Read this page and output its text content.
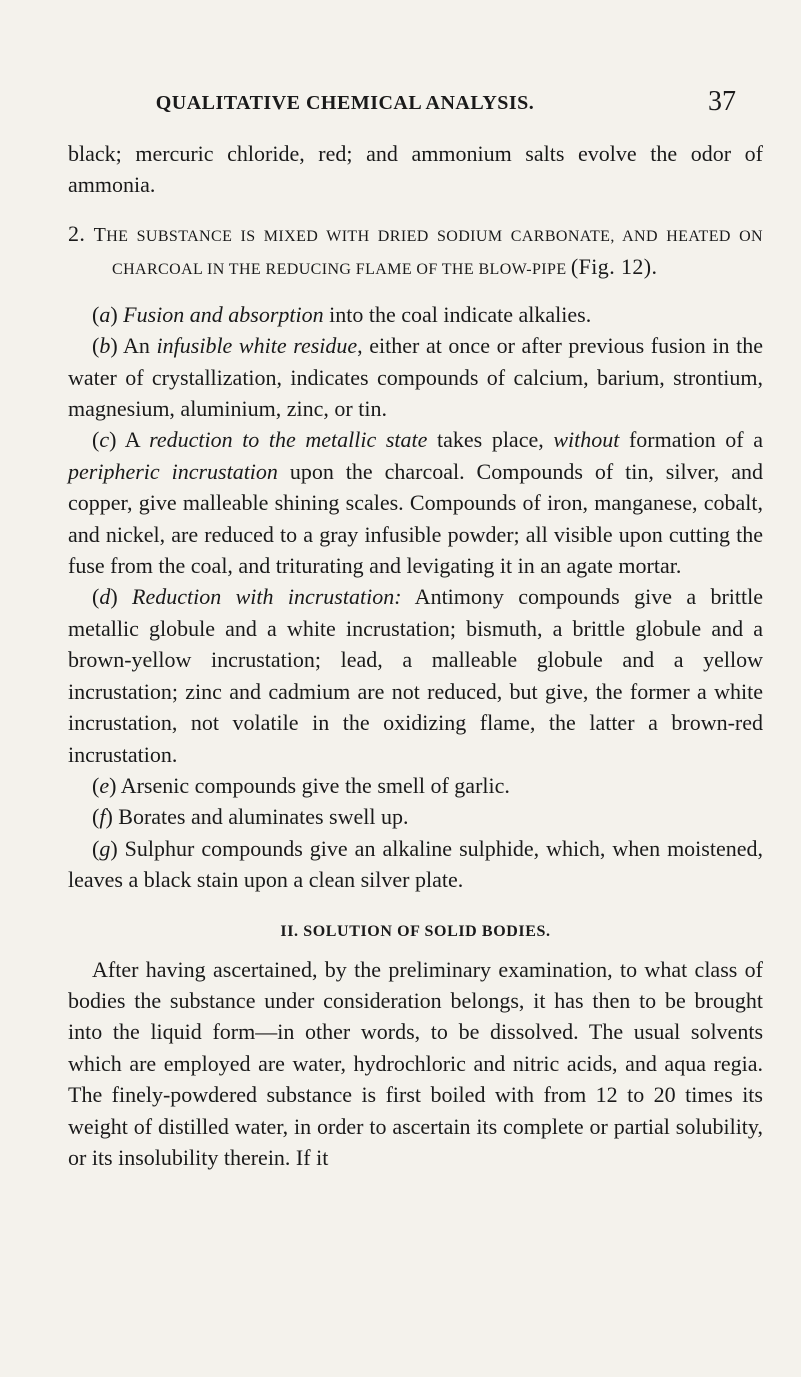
QUALITATIVE CHEMICAL ANALYSIS.	37

black; mercuric chloride, red; and ammonium salts evolve the odor of ammonia.

2. THE SUBSTANCE IS MIXED WITH DRIED SODIUM CARBONATE, AND HEATED ON CHARCOAL IN THE REDUCING FLAME OF THE BLOW-PIPE (Fig. 12).

(a) Fusion and absorption into the coal indicate alkalies.

(b) An infusible white residue, either at once or after previous fusion in the water of crystallization, indicates compounds of calcium, barium, strontium, magnesium, aluminium, zinc, or tin.

(c) A reduction to the metallic state takes place, without formation of a peripheric incrustation upon the charcoal. Compounds of tin, silver, and copper, give malleable shining scales. Compounds of iron, manganese, cobalt, and nickel, are reduced to a gray infusible powder; all visible upon cutting the fuse from the coal, and triturating and levigating it in an agate mortar.

(d) Reduction with incrustation: Antimony compounds give a brittle metallic globule and a white incrustation; bismuth, a brittle globule and a brown-yellow incrustation; lead, a malleable globule and a yellow incrustation; zinc and cadmium are not reduced, but give, the former a white incrustation, not volatile in the oxidizing flame, the latter a brown-red incrustation.

(e) Arsenic compounds give the smell of garlic.

(f) Borates and aluminates swell up.

(g) Sulphur compounds give an alkaline sulphide, which, when moistened, leaves a black stain upon a clean silver plate.

II. SOLUTION OF SOLID BODIES.

After having ascertained, by the preliminary examination, to what class of bodies the substance under consideration belongs, it has then to be brought into the liquid form—in other words, to be dissolved. The usual solvents which are employed are water, hydrochloric and nitric acids, and aqua regia. The finely-powdered substance is first boiled with from 12 to 20 times its weight of distilled water, in order to ascertain its complete or partial solubility, or its insolubility therein. If it
